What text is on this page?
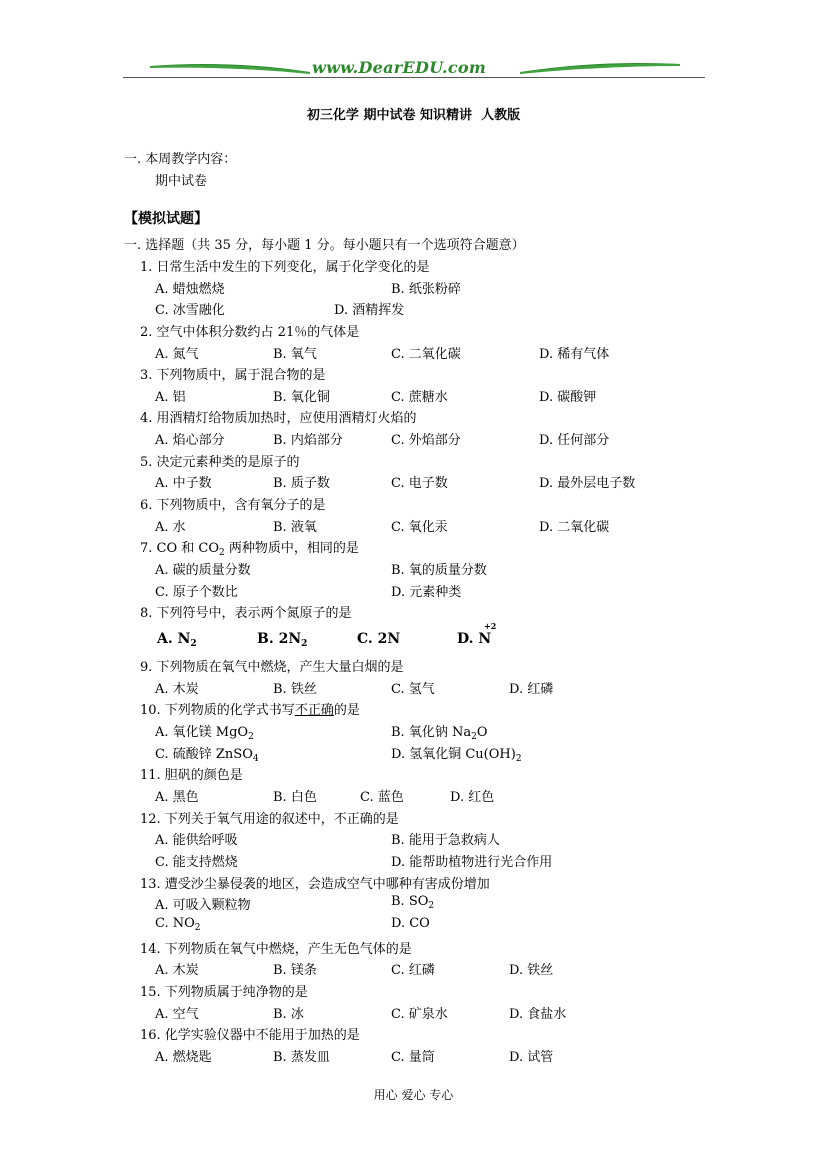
www.DearEDU.com
初三化学 期中试卷 知识精讲 人教版
一. 本周教学内容：
期中试卷
【模拟试题】
一. 选择题（共 35 分，每小题 1 分。每小题只有一个选项符合题意）
1. 日常生活中发生的下列变化，属于化学变化的是
A. 蜡烛燃烧	B. 纸张粉碎
C. 冰雪融化	D. 酒精挥发
2. 空气中体积分数约占 21％的气体是
A. 氮气	B. 氧气	C. 二氧化碳	D. 稀有气体
3. 下列物质中，属于混合物的是
A. 铝	B. 氧化铜	C. 蔗糖水	D. 碳酸钾
4. 用酒精灯给物质加热时，应使用酒精灯火焰的
A. 焰心部分	B. 内焰部分	C. 外焰部分	D. 任何部分
5. 决定元素种类的是原子的
A. 中子数	B. 质子数	C. 电子数	D. 最外层电子数
6. 下列物质中，含有氧分子的是
A. 水	B. 液氧	C. 氧化汞	D. 二氧化碳
7. CO 和 $CO_2$ 两种物质中，相同的是
A. 碳的质量分数	B. 氧的质量分数
C. 原子个数比	D. 元素种类
8. 下列符号中，表示两个氮原子的是
A. $N_2$	B. $2N_2$	C. 2N	D. N
+2
9. 下列物质在氧气中燃烧，产生大量白烟的是
A. 木炭	B. 铁丝	C. 氢气	D. 红磷
10. 下列物质的化学式书写不正确的是
A. 氧化镁 MgO$_2$	B. 氧化钠 $Na_2O$
C. 硫酸锌 ZnSO$_4$	D. 氢氧化铜 $Cu(OH)_2$
11. 胆矾的颜色是
A. 黑色	B. 白色	C. 蓝色	D. 红色
12. 下列关于氧气用途的叙述中，不正确的是
A. 能供给呼吸	B. 能用于急救病人
C. 能支持燃烧	D. 能帮助植物进行光合作用
13. 遭受沙尘暴侵袭的地区，会造成空气中哪种有害成份增加
A. 可吸入颗粒物	B. $SO_2$
C. $NO_2$	D. CO
14. 下列物质在氧气中燃烧，产生无色气体的是
A. 木炭	B. 镁条	C. 红磷	D. 铁丝
15. 下列物质属于纯净物的是
A. 空气	B. 冰	C. 矿泉水	D. 食盐水
16. 化学实验仪器中不能用于加热的是
A. 燃烧匙	B. 蒸发皿	C. 量筒	D. 试管
用心 爱心 专心
